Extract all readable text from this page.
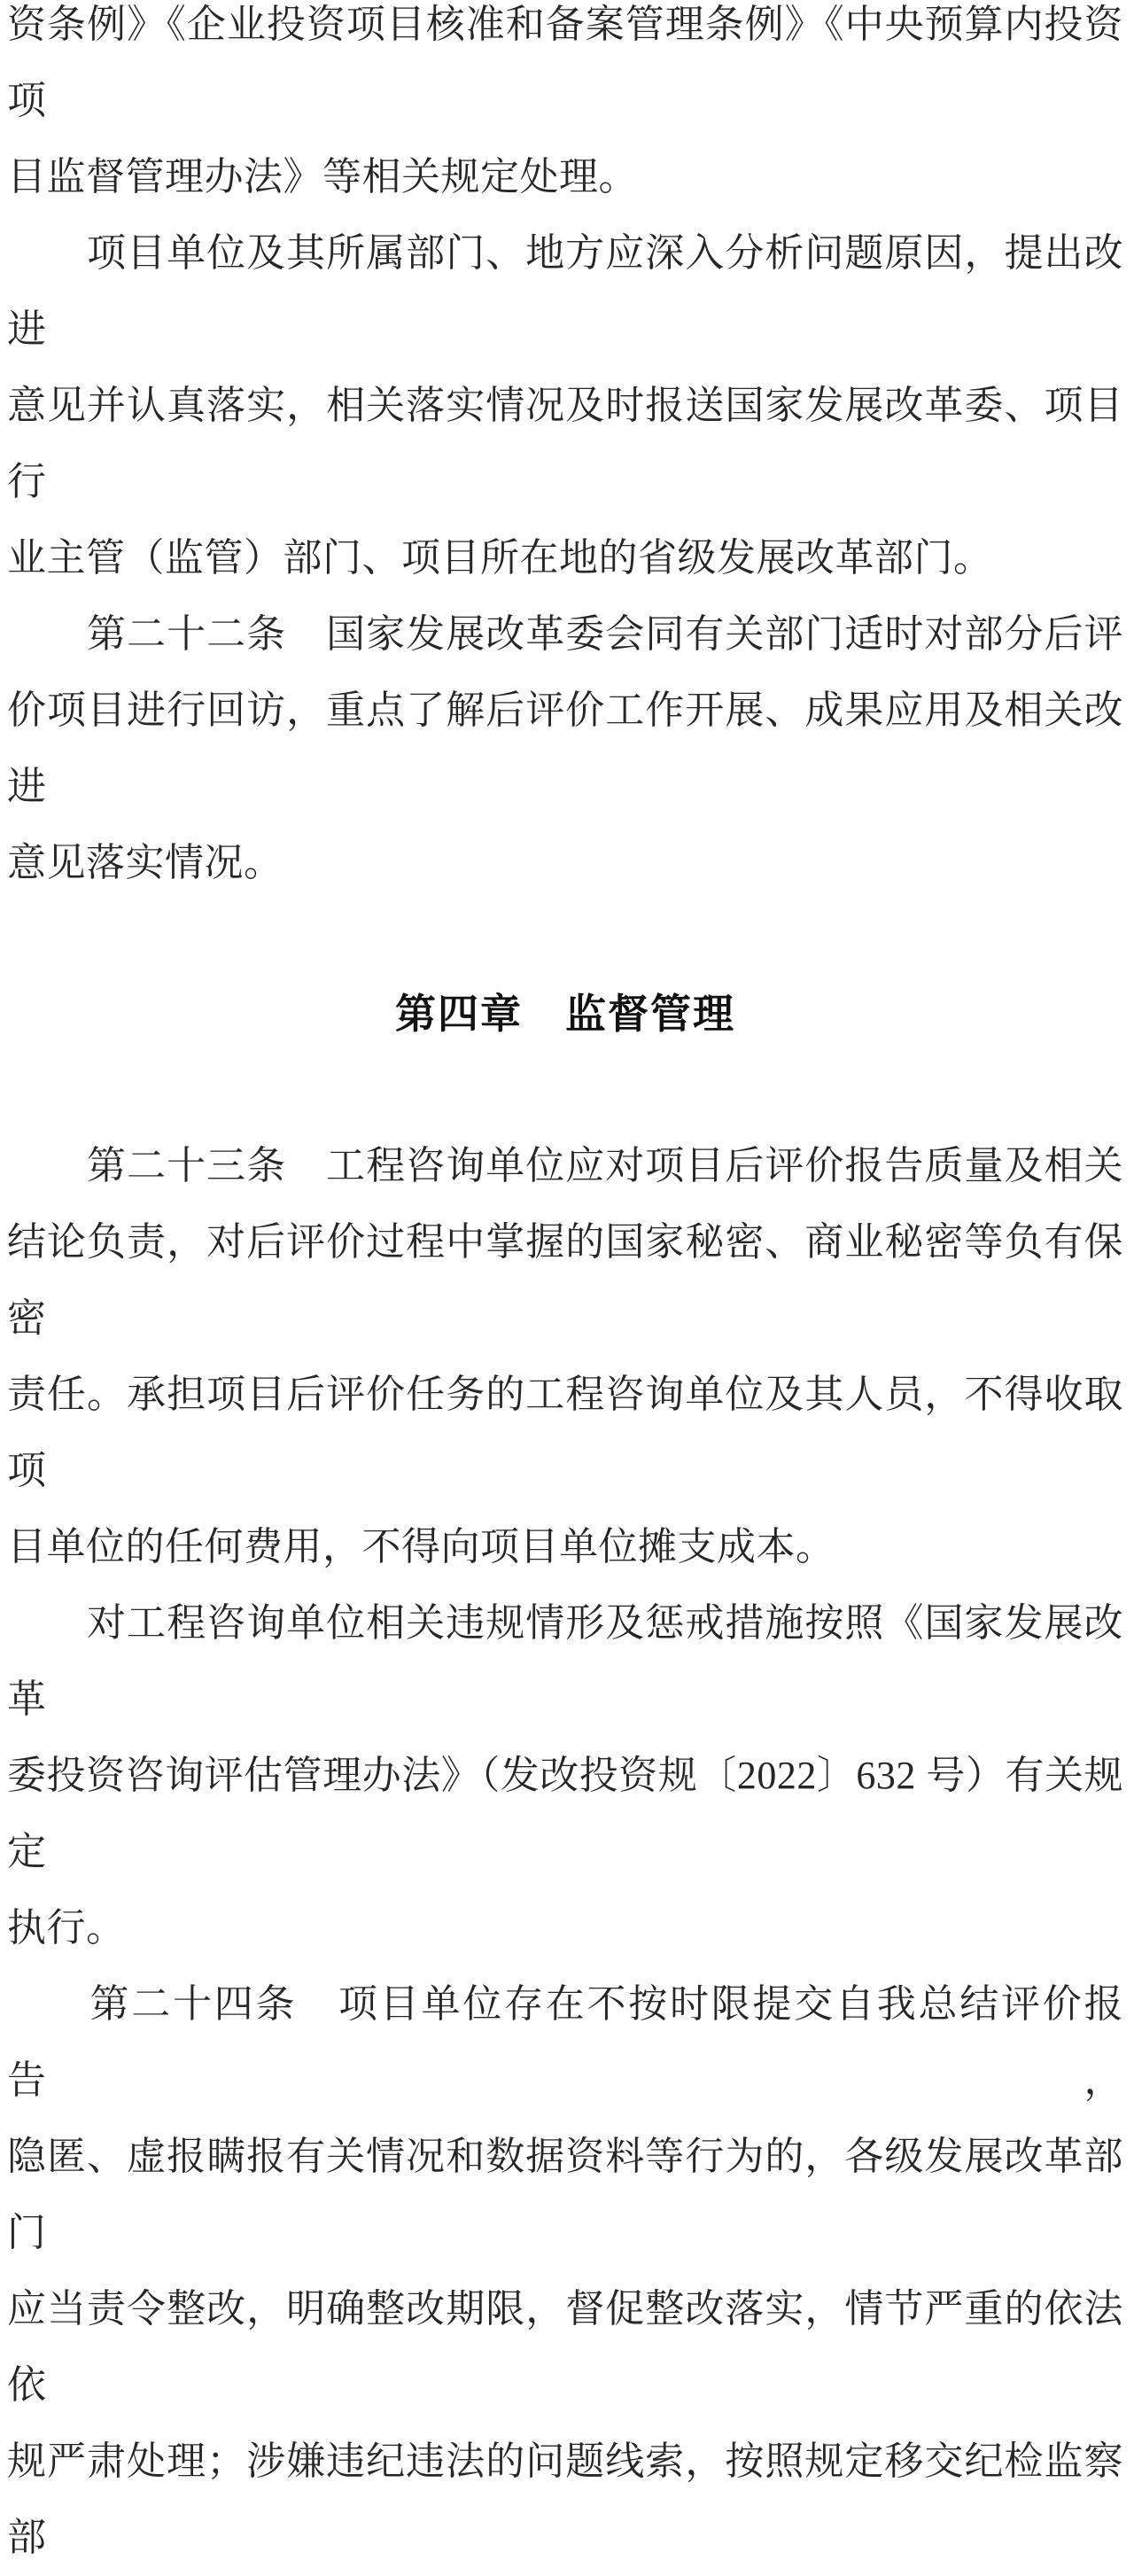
资条例》《企业投资项目核准和备案管理条例》《中央预算内投资项
目监督管理办法》等相关规定处理。
　　项目单位及其所属部门、地方应深入分析问题原因，提出改进
意见并认真落实，相关落实情况及时报送国家发展改革委、项目行
业主管（监管）部门、项目所在地的省级发展改革部门。
　　第二十二条　国家发展改革委会同有关部门适时对部分后评
价项目进行回访，重点了解后评价工作开展、成果应用及相关改进
意见落实情况。
第四章　监督管理
　　第二十三条　工程咨询单位应对项目后评价报告质量及相关
结论负责，对后评价过程中掌握的国家秘密、商业秘密等负有保密
责任。承担项目后评价任务的工程咨询单位及其人员，不得收取项
目单位的任何费用，不得向项目单位摊支成本。
　　对工程咨询单位相关违规情形及惩戒措施按照《国家发展改革
委投资咨询评估管理办法》（发改投资规〔2022〕632 号）有关规定
执行。
　　第二十四条　项目单位存在不按时限提交自我总结评价报告，
隐匿、虚报瞒报有关情况和数据资料等行为的，各级发展改革部门
应当责令整改，明确整改期限，督促整改落实，情节严重的依法依
规严肃处理；涉嫌违纪违法的问题线索，按照规定移交纪检监察部
